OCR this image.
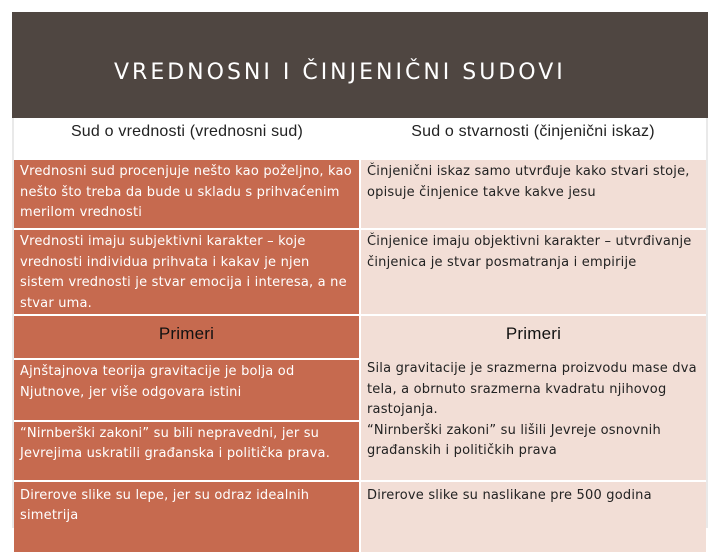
VREDNOSNI I ČINJENIČNI SUDOVI
Sud o vrednosti (vrednosni sud)	Sud o stvarnosti (činjenični iskaz)
Vrednosni sud procenjuje nešto kao poželjno, kao nešto što treba da bude u skladu s prihvaćenim merilom vrednosti	Činjenični iskaz samo utvrđuje kako stvari stoje, opisuje činjenice takve kakve jesu
Vrednosti imaju subjektivni karakter – koje vrednosti individua prihvata i kakav je njen sistem vrednosti je stvar emocija i interesa, a ne stvar uma.	Činjenice imaju objektivni karakter – utvrđivanje činjenica je stvar posmatranja i empirije
Primeri	Primeri
Ajnštajnova teorija gravitacije je bolja od Njutnove, jer više odgovara istini	Sila gravitacije je srazmerna proizvodu mase dva tela, a obrnuto srazmerna kvadratu njihovog rastojanja.
“Nirnberški zakoni” su bili nepravedni, jer su Jevrejima uskratili građanska i politička prava.	“Nirnberški zakoni” su lišili Jevreje osnovnih građanskih i političkih prava
Direrove slike su lepe, jer su odraz idealnih simetrija	Direrove slike su naslikane pre 500 godina
